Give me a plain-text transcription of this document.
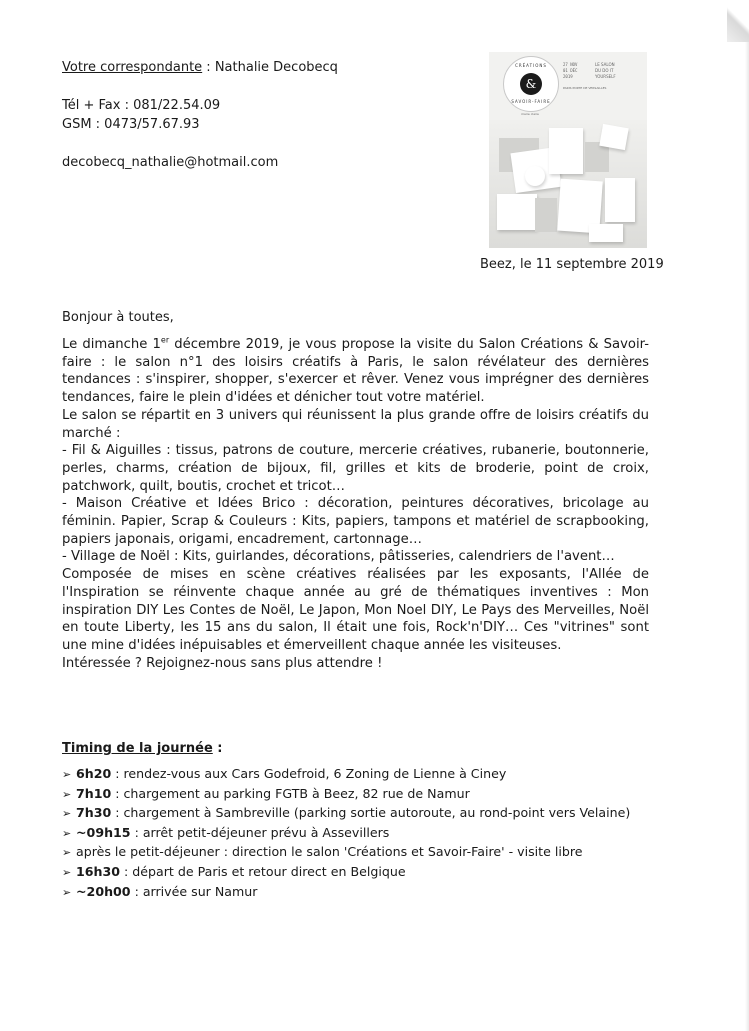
Votre correspondante : Nathalie Decobecq
Tél + Fax : 081/22.54.09
GSM : 0473/57.67.93
decobecq_nathalie@hotmail.com
CRÉATIONS
&
SAVOIR-FAIRE
marie claire
27 NOV
01 DÉC
2019
LE SALON
DU DO IT
YOURSELF
PARIS PORTE DE VERSAILLES
Beez, le 11 septembre 2019
Bonjour à toutes,

Le dimanche 1er décembre 2019, je vous propose la visite du Salon Créations & Savoir-faire : le salon n°1 des loisirs créatifs à Paris, le salon révélateur des dernières tendances : s'inspirer, shopper, s'exercer et rêver. Venez vous imprégner des dernières tendances, faire le plein d'idées et dénicher tout votre matériel.

Le salon se répartit en 3 univers qui réunissent la plus grande offre de loisirs créatifs du marché :

- Fil & Aiguilles : tissus, patrons de couture, mercerie créatives, rubanerie, boutonnerie, perles, charms, création de bijoux, fil, grilles et kits de broderie, point de croix, patchwork, quilt, boutis, crochet et tricot…

- Maison Créative et Idées Brico : décoration, peintures décoratives, bricolage au féminin. Papier, Scrap & Couleurs : Kits, papiers, tampons et matériel de scrapbooking, papiers japonais, origami, encadrement, cartonnage…

- Village de Noël : Kits, guirlandes, décorations, pâtisseries, calendriers de l'avent…

Composée de mises en scène créatives réalisées par les exposants, l'Allée de l'Inspiration se réinvente chaque année au gré de thématiques inventives : Mon inspiration DIY Les Contes de Noël, Le Japon, Mon Noel DIY, Le Pays des Merveilles, Noël en toute Liberty, les 15 ans du salon, Il était une fois, Rock'n'DIY… Ces "vitrines" sont une mine d'idées inépuisables et émerveillent chaque année les visiteuses.

Intéressée ? Rejoignez-nous sans plus attendre !

Timing de la journée :
➢ 6h20 : rendez-vous aux Cars Godefroid, 6 Zoning de Lienne à Ciney
➢ 7h10 : chargement au parking FGTB à Beez, 82 rue de Namur
➢ 7h30 : chargement à Sambreville (parking sortie autoroute, au rond-point vers Velaine)
➢ ~09h15 : arrêt petit-déjeuner prévu à Assevillers
➢ après le petit-déjeuner : direction le salon 'Créations et Savoir-Faire' - visite libre
➢ 16h30 : départ de Paris et retour direct en Belgique
➢ ~20h00 : arrivée sur Namur
